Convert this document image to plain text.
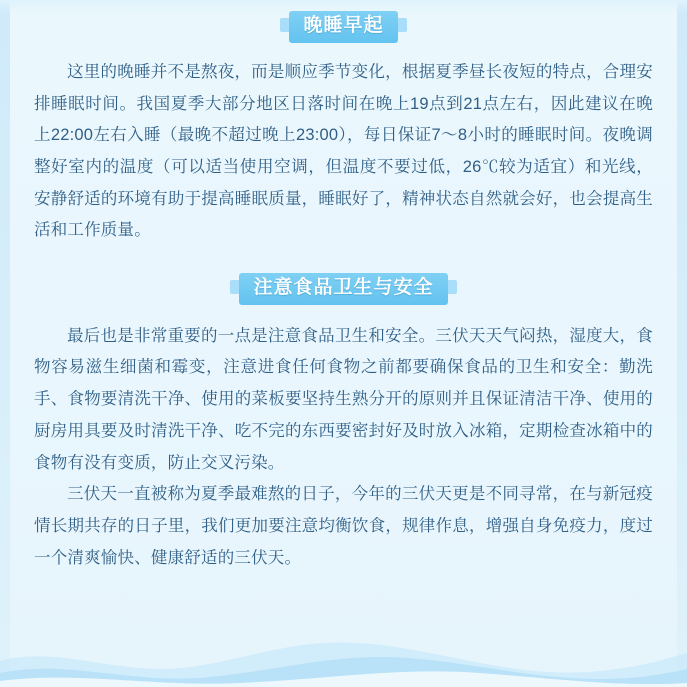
晚睡早起

这里的晚睡并不是熬夜，而是顺应季节变化，根据夏季昼长夜短的特点，合理安排睡眠时间。我国夏季大部分地区日落时间在晚上19点到21点左右，因此建议在晚上22:00左右入睡（最晚不超过晚上23:00），每日保证7～8小时的睡眠时间。夜晚调整好室内的温度（可以适当使用空调，但温度不要过低，26℃较为适宜）和光线，安静舒适的环境有助于提高睡眠质量，睡眠好了，精神状态自然就会好，也会提高生活和工作质量。

注意食品卫生与安全

最后也是非常重要的一点是注意食品卫生和安全。三伏天天气闷热，湿度大，食物容易滋生细菌和霉变，注意进食任何食物之前都要确保食品的卫生和安全：勤洗手、食物要清洗干净、使用的菜板要坚持生熟分开的原则并且保证清洁干净、使用的厨房用具要及时清洗干净、吃不完的东西要密封好及时放入冰箱，定期检查冰箱中的食物有没有变质，防止交叉污染。

三伏天一直被称为夏季最难熬的日子，今年的三伏天更是不同寻常，在与新冠疫情长期共存的日子里，我们更加要注意均衡饮食，规律作息，增强自身免疫力，度过一个清爽愉快、健康舒适的三伏天。
